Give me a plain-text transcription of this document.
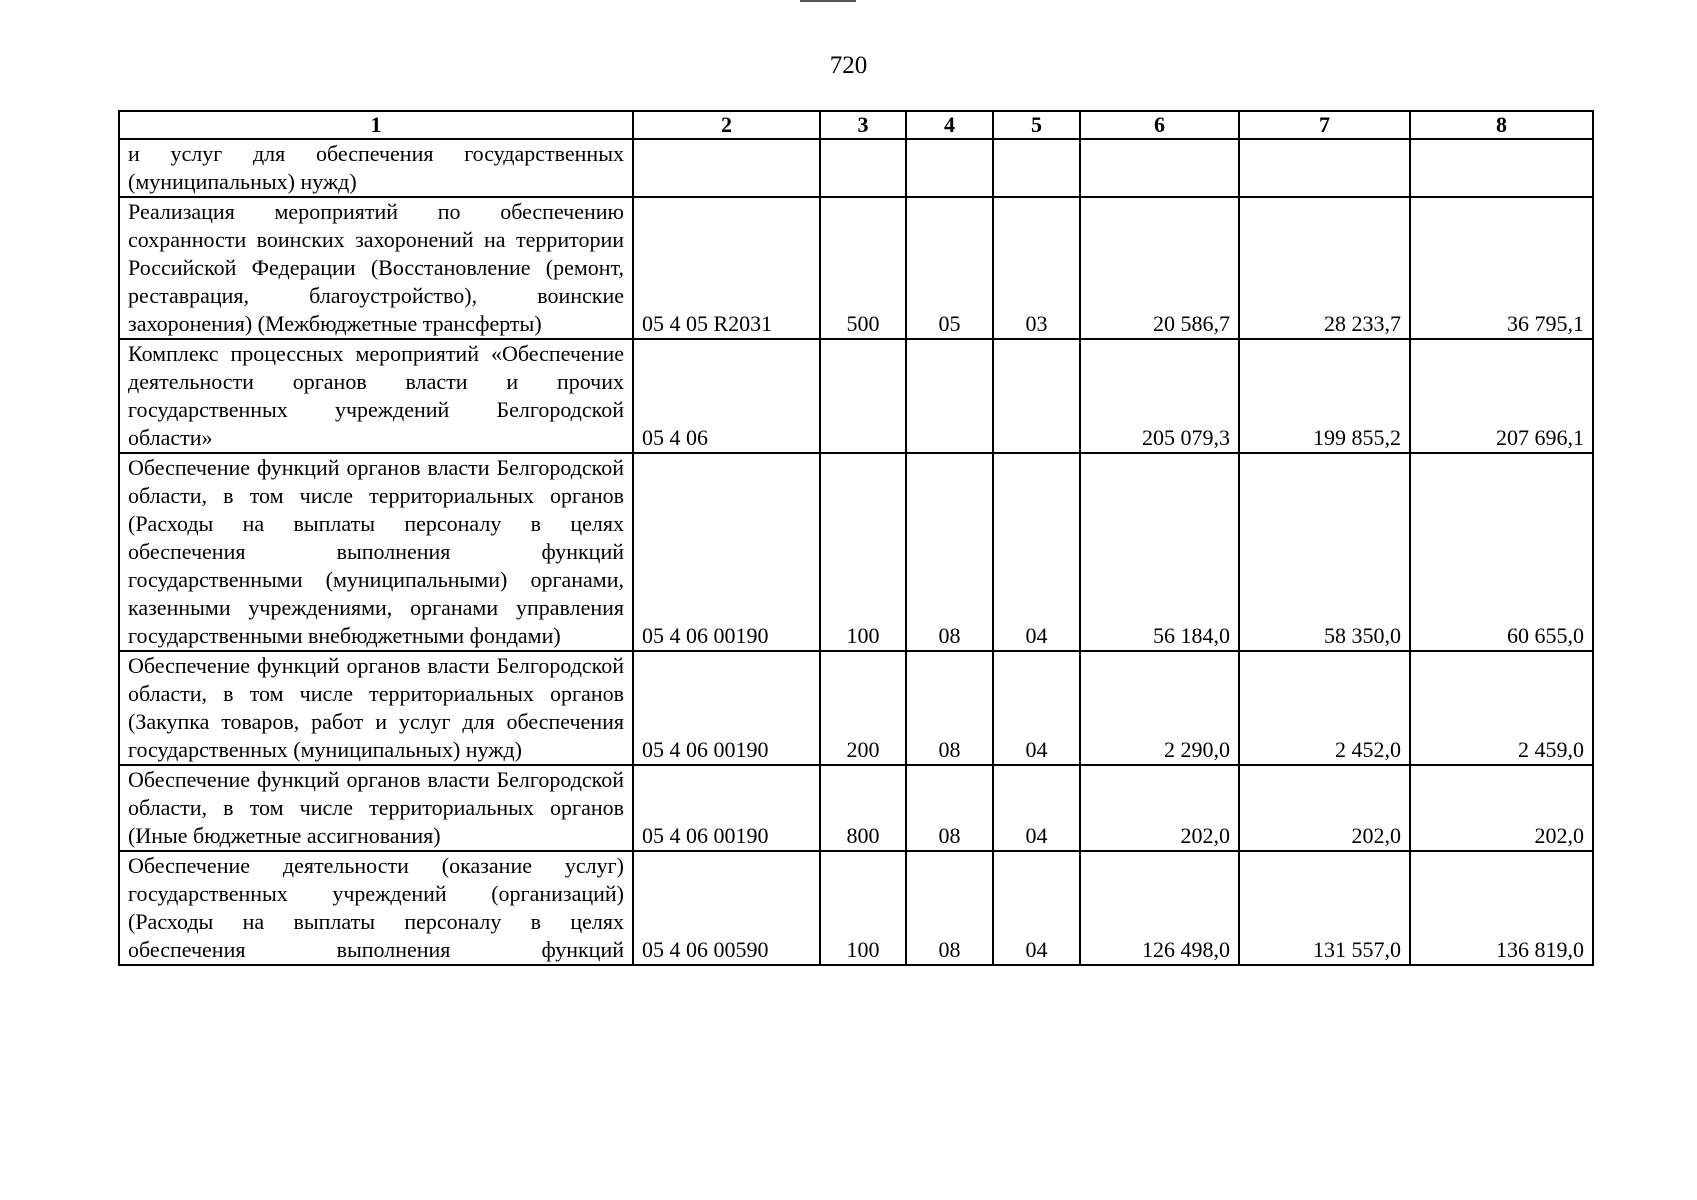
720
1	2	3	4	5	6	7	8
и услуг для обеспечения государственных (муниципальных) нужд)							
Реализация мероприятий по обеспечению сохранности воинских захоронений на территории Российской Федерации (Восстановление (ремонт, реставрация, благоустройство), воинские захоронения) (Межбюджетные трансферты)	05 4 05 R2031	500	05	03	20 586,7	28 233,7	36 795,1
Комплекс процессных мероприятий «Обеспечение деятельности органов власти и прочих государственных учреждений Белгородской области»	05 4 06				205 079,3	199 855,2	207 696,1
Обеспечение функций органов власти Белгородской области, в том числе территориальных органов (Расходы на выплаты персоналу в целях обеспечения выполнения функций государственными (муниципальными) органами, казенными учреждениями, органами управления государственными внебюджетными фондами)	05 4 06 00190	100	08	04	56 184,0	58 350,0	60 655,0
Обеспечение функций органов власти Белгородской области, в том числе территориальных органов (Закупка товаров, работ и услуг для обеспечения государственных (муниципальных) нужд)	05 4 06 00190	200	08	04	2 290,0	2 452,0	2 459,0
Обеспечение функций органов власти Белгородской области, в том числе территориальных органов (Иные бюджетные ассигнования)	05 4 06 00190	800	08	04	202,0	202,0	202,0
Обеспечение деятельности (оказание услуг) государственных учреждений (организаций) (Расходы на выплаты персоналу в целях обеспечения выполнения функций	05 4 06 00590	100	08	04	126 498,0	131 557,0	136 819,0
